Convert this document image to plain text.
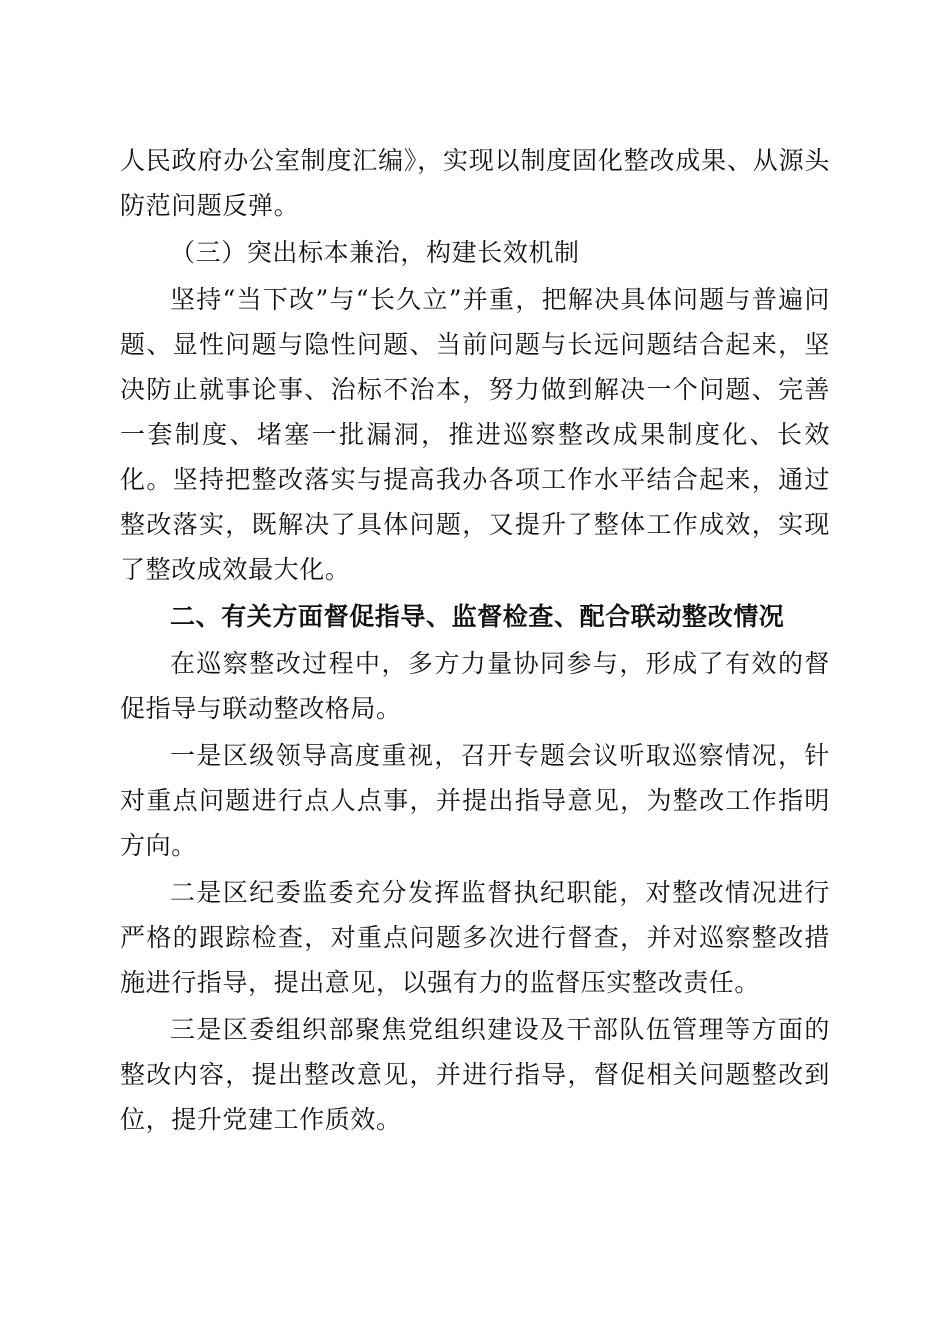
人民政府办公室制度汇编》，实现以制度固化整改成果、从源头防范问题反弹。

（三）突出标本兼治，构建长效机制

坚持“当下改”与“长久立”并重，把解决具体问题与普遍问题、显性问题与隐性问题、当前问题与长远问题结合起来，坚决防止就事论事、治标不治本，努力做到解决一个问题、完善一套制度、堵塞一批漏洞，推进巡察整改成果制度化、长效化。坚持把整改落实与提高我办各项工作水平结合起来，通过整改落实，既解决了具体问题，又提升了整体工作成效，实现了整改成效最大化。

二、有关方面督促指导、监督检查、配合联动整改情况

在巡察整改过程中，多方力量协同参与，形成了有效的督促指导与联动整改格局。

一是区级领导高度重视，召开专题会议听取巡察情况，针对重点问题进行点人点事，并提出指导意见，为整改工作指明方向。

二是区纪委监委充分发挥监督执纪职能，对整改情况进行严格的跟踪检查，对重点问题多次进行督查，并对巡察整改措施进行指导，提出意见，以强有力的监督压实整改责任。

三是区委组织部聚焦党组织建设及干部队伍管理等方面的整改内容，提出整改意见，并进行指导，督促相关问题整改到位，提升党建工作质效。
